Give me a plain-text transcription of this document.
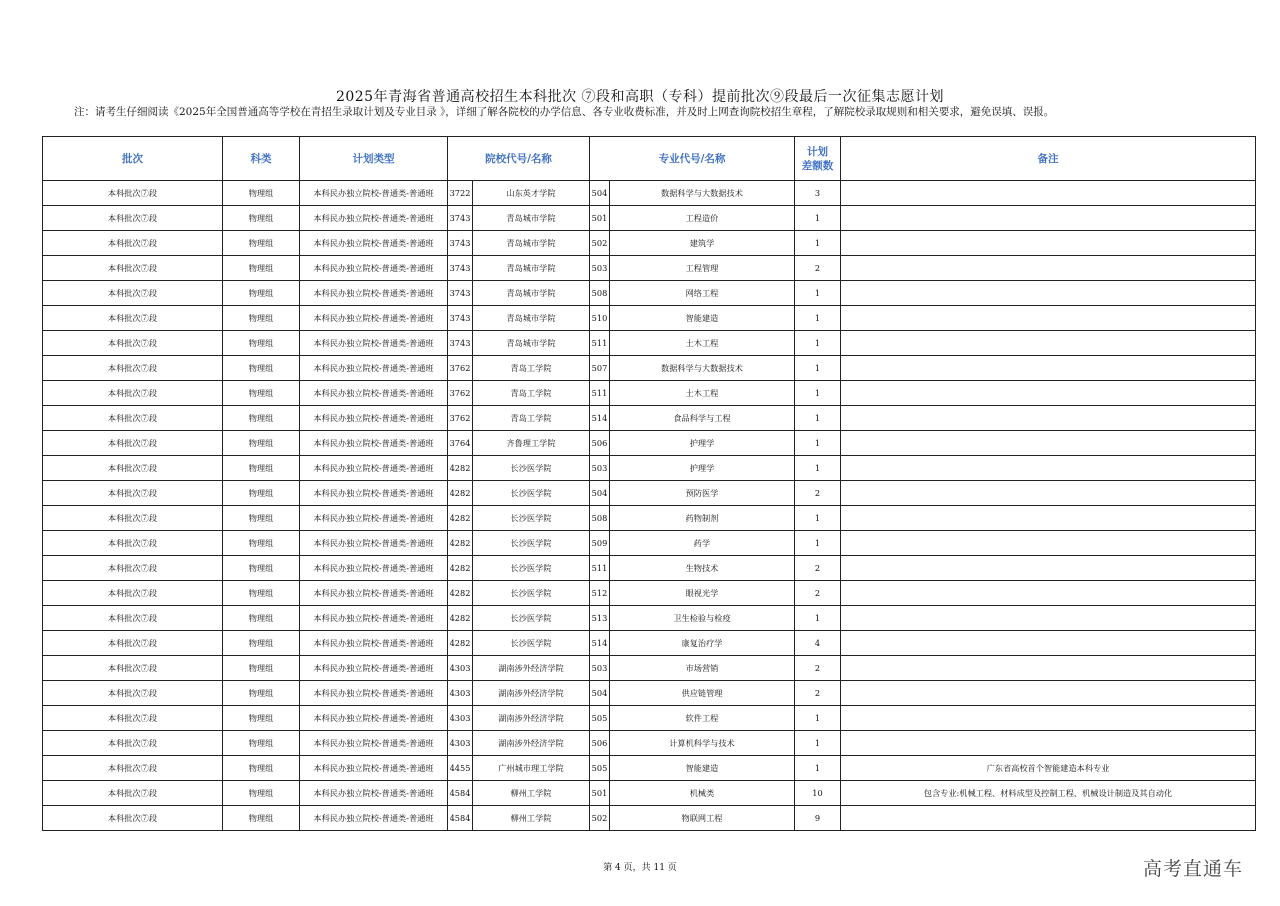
2025年青海省普通高校招生本科批次 ⑦段和高职（专科）提前批次⑨段最后一次征集志愿计划
注：请考生仔细阅读《2025年全国普通高等学校在青招生录取计划及专业目录 》，详细了解各院校的办学信息、各专业收费标准，并及时上网查询院校招生章程，了解院校录取规则和相关要求，避免误填、误报。
批次	科类	计划类型	院校代号/名称		专业代号/名称		计划
差额数	备注
本科批次⑦段	物理组	本科民办独立院校-普通类-普通班	3722	山东英才学院	504	数据科学与大数据技术	3	
本科批次⑦段	物理组	本科民办独立院校-普通类-普通班	3743	青岛城市学院	501	工程造价	1	
本科批次⑦段	物理组	本科民办独立院校-普通类-普通班	3743	青岛城市学院	502	建筑学	1	
本科批次⑦段	物理组	本科民办独立院校-普通类-普通班	3743	青岛城市学院	503	工程管理	2	
本科批次⑦段	物理组	本科民办独立院校-普通类-普通班	3743	青岛城市学院	508	网络工程	1	
本科批次⑦段	物理组	本科民办独立院校-普通类-普通班	3743	青岛城市学院	510	智能建造	1	
本科批次⑦段	物理组	本科民办独立院校-普通类-普通班	3743	青岛城市学院	511	土木工程	1	
本科批次⑦段	物理组	本科民办独立院校-普通类-普通班	3762	青岛工学院	507	数据科学与大数据技术	1	
本科批次⑦段	物理组	本科民办独立院校-普通类-普通班	3762	青岛工学院	511	土木工程	1	
本科批次⑦段	物理组	本科民办独立院校-普通类-普通班	3762	青岛工学院	514	食品科学与工程	1	
本科批次⑦段	物理组	本科民办独立院校-普通类-普通班	3764	齐鲁理工学院	506	护理学	1	
本科批次⑦段	物理组	本科民办独立院校-普通类-普通班	4282	长沙医学院	503	护理学	1	
本科批次⑦段	物理组	本科民办独立院校-普通类-普通班	4282	长沙医学院	504	预防医学	2	
本科批次⑦段	物理组	本科民办独立院校-普通类-普通班	4282	长沙医学院	508	药物制剂	1	
本科批次⑦段	物理组	本科民办独立院校-普通类-普通班	4282	长沙医学院	509	药学	1	
本科批次⑦段	物理组	本科民办独立院校-普通类-普通班	4282	长沙医学院	511	生物技术	2	
本科批次⑦段	物理组	本科民办独立院校-普通类-普通班	4282	长沙医学院	512	眼视光学	2	
本科批次⑦段	物理组	本科民办独立院校-普通类-普通班	4282	长沙医学院	513	卫生检验与检疫	1	
本科批次⑦段	物理组	本科民办独立院校-普通类-普通班	4282	长沙医学院	514	康复治疗学	4	
本科批次⑦段	物理组	本科民办独立院校-普通类-普通班	4303	湖南涉外经济学院	503	市场营销	2	
本科批次⑦段	物理组	本科民办独立院校-普通类-普通班	4303	湖南涉外经济学院	504	供应链管理	2	
本科批次⑦段	物理组	本科民办独立院校-普通类-普通班	4303	湖南涉外经济学院	505	软件工程	1	
本科批次⑦段	物理组	本科民办独立院校-普通类-普通班	4303	湖南涉外经济学院	506	计算机科学与技术	1	
本科批次⑦段	物理组	本科民办独立院校-普通类-普通班	4455	广州城市理工学院	505	智能建造	1	广东省高校首个智能建造本科专业
本科批次⑦段	物理组	本科民办独立院校-普通类-普通班	4584	柳州工学院	501	机械类	10	包含专业:机械工程、材料成型及控制工程、机械设计制造及其自动化
本科批次⑦段	物理组	本科民办独立院校-普通类-普通班	4584	柳州工学院	502	物联网工程	9	
第 4 页，共 11 页	高考直通车
